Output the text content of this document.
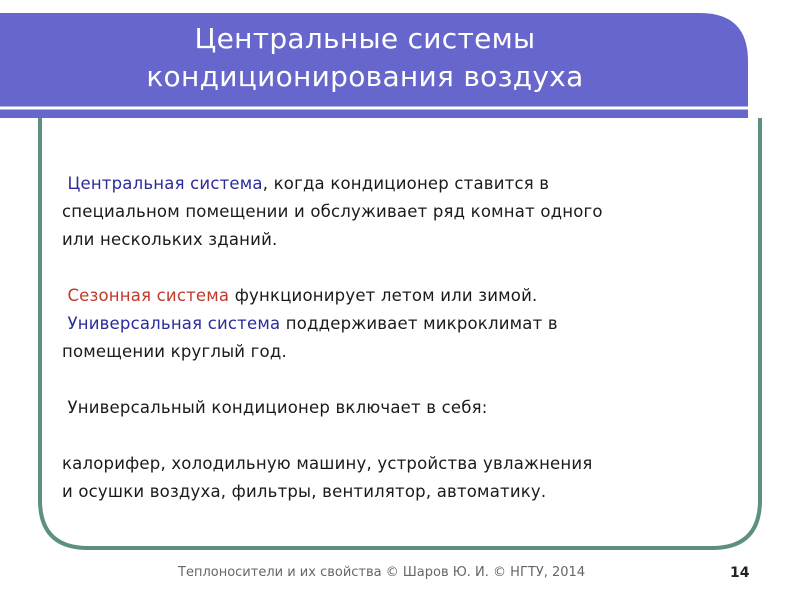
Центральные системы
кондиционирования воздуха

Центральная система, когда кондиционер ставится в

специальном помещении и обслуживает ряд комнат одного

или нескольких зданий.

Сезонная система функционирует летом или зимой.

Универсальная система поддерживает микроклимат в

помещении круглый год.

Универсальный кондиционер включает в себя:

калорифер, холодильную машину, устройства увлажнения

и осушки воздуха, фильтры, вентилятор, автоматику.

Теплоносители и их свойства © Шаров Ю. И. © НГТУ, 2014	14
